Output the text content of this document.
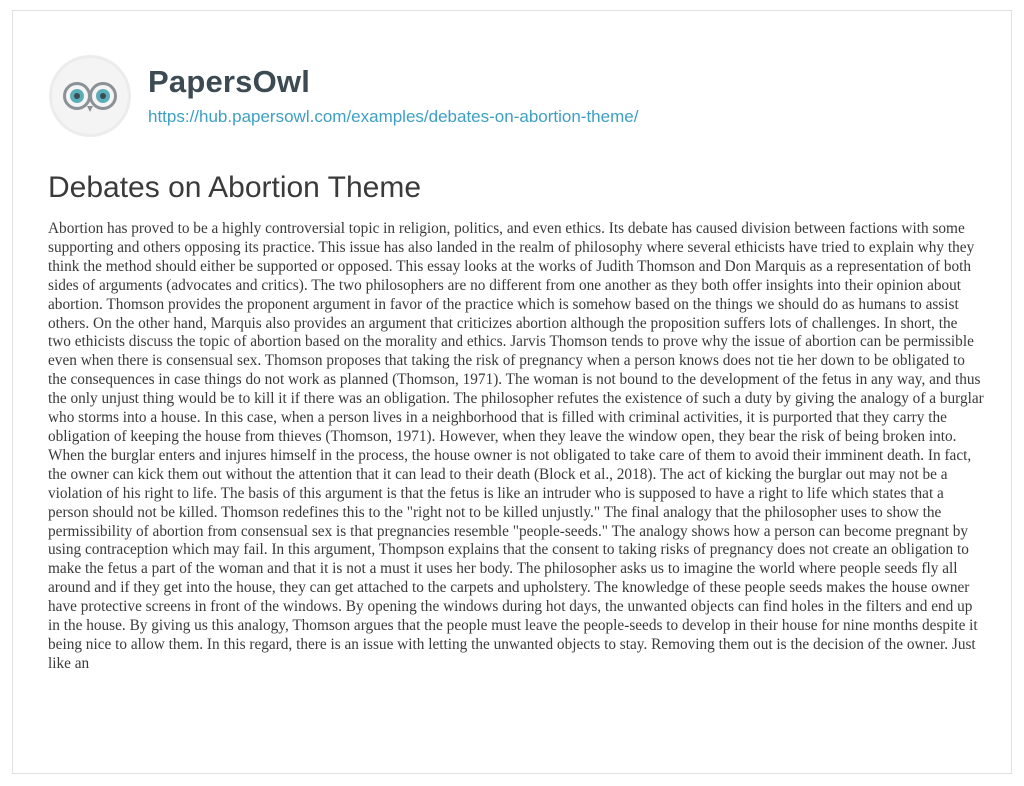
PapersOwl
https://hub.papersowl.com/examples/debates-on-abortion-theme/
Debates on Abortion Theme

Abortion has proved to be a highly controversial topic in religion, politics, and even ethics. Its debate has caused division between factions with some supporting and others opposing its practice. This issue has also landed in the realm of philosophy where several ethicists have tried to explain why they think the method should either be supported or opposed. This essay looks at the works of Judith Thomson and Don Marquis as a representation of both sides of arguments (advocates and critics). The two philosophers are no different from one another as they both offer insights into their opinion about abortion. Thomson provides the proponent argument in favor of the practice which is somehow based on the things we should do as humans to assist others. On the other hand, Marquis also provides an argument that criticizes abortion although the proposition suffers lots of challenges. In short, the two ethicists discuss the topic of abortion based on the morality and ethics. Jarvis Thomson tends to prove why the issue of abortion can be permissible even when there is consensual sex. Thomson proposes that taking the risk of pregnancy when a person knows does not tie her down to be obligated to the consequences in case things do not work as planned (Thomson, 1971). The woman is not bound to the development of the fetus in any way, and thus the only unjust thing would be to kill it if there was an obligation. The philosopher refutes the existence of such a duty by giving the analogy of a burglar who storms into a house. In this case, when a person lives in a neighborhood that is filled with criminal activities, it is purported that they carry the obligation of keeping the house from thieves (Thomson, 1971). However, when they leave the window open, they bear the risk of being broken into. When the burglar enters and injures himself in the process, the house owner is not obligated to take care of them to avoid their imminent death. In fact, the owner can kick them out without the attention that it can lead to their death (Block et al., 2018). The act of kicking the burglar out may not be a violation of his right to life. The basis of this argument is that the fetus is like an intruder who is supposed to have a right to life which states that a person should not be killed. Thomson redefines this to the "right not to be killed unjustly." The final analogy that the philosopher uses to show the permissibility of abortion from consensual sex is that pregnancies resemble "people-seeds." The analogy shows how a person can become pregnant by using contraception which may fail. In this argument, Thompson explains that the consent to taking risks of pregnancy does not create an obligation to make the fetus a part of the woman and that it is not a must it uses her body. The philosopher asks us to imagine the world where people seeds fly all around and if they get into the house, they can get attached to the carpets and upholstery. The knowledge of these people seeds makes the house owner have protective screens in front of the windows. By opening the windows during hot days, the unwanted objects can find holes in the filters and end up in the house. By giving us this analogy, Thomson argues that the people must leave the people-seeds to develop in their house for nine months despite it being nice to allow them. In this regard, there is an issue with letting the unwanted objects to stay. Removing them out is the decision of the owner. Just like an
